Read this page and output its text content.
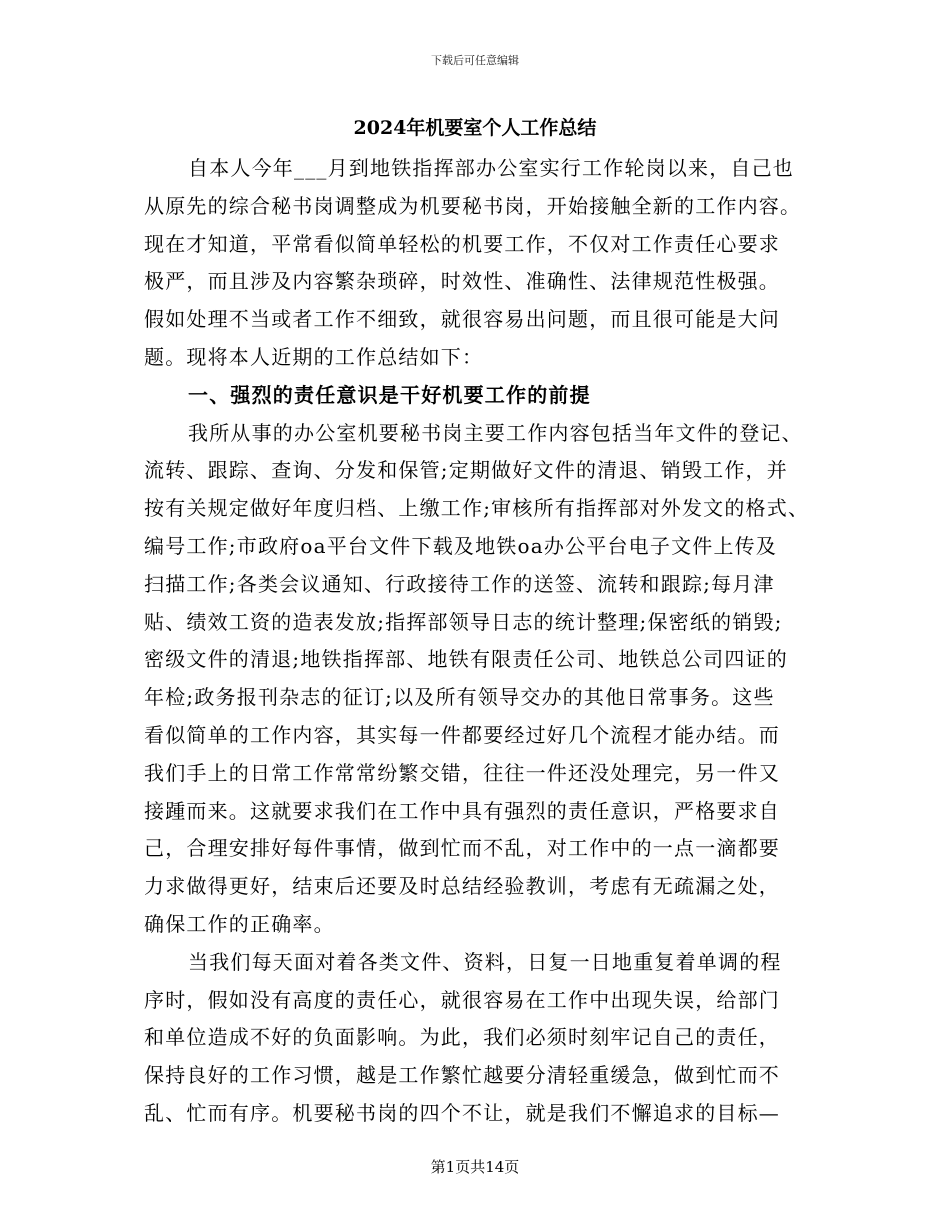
下载后可任意编辑
2024年机要室个人工作总结
自本人今年___月到地铁指挥部办公室实行工作轮岗以来，自己也
从原先的综合秘书岗调整成为机要秘书岗，开始接触全新的工作内容。
现在才知道，平常看似简单轻松的机要工作，不仅对工作责任心要求
极严，而且涉及内容繁杂琐碎，时效性、准确性、法律规范性极强。
假如处理不当或者工作不细致，就很容易出问题，而且很可能是大问
题。现将本人近期的工作总结如下：
一、强烈的责任意识是干好机要工作的前提
我所从事的办公室机要秘书岗主要工作内容包括当年文件的登记、
流转、跟踪、查询、分发和保管;定期做好文件的清退、销毁工作，并
按有关规定做好年度归档、上缴工作;审核所有指挥部对外发文的格式、
编号工作;市政府oa平台文件下载及地铁oa办公平台电子文件上传及
扫描工作;各类会议通知、行政接待工作的送签、流转和跟踪;每月津
贴、绩效工资的造表发放;指挥部领导日志的统计整理;保密纸的销毁;
密级文件的清退;地铁指挥部、地铁有限责任公司、地铁总公司四证的
年检;政务报刊杂志的征订;以及所有领导交办的其他日常事务。这些
看似简单的工作内容，其实每一件都要经过好几个流程才能办结。而
我们手上的日常工作常常纷繁交错，往往一件还没处理完，另一件又
接踵而来。这就要求我们在工作中具有强烈的责任意识，严格要求自
己，合理安排好每件事情，做到忙而不乱，对工作中的一点一滴都要
力求做得更好，结束后还要及时总结经验教训，考虑有无疏漏之处，
确保工作的正确率。
当我们每天面对着各类文件、资料，日复一日地重复着单调的程
序时，假如没有高度的责任心，就很容易在工作中出现失误，给部门
和单位造成不好的负面影响。为此，我们必须时刻牢记自己的责任，
保持良好的工作习惯，越是工作繁忙越要分清轻重缓急，做到忙而不
乱、忙而有序。机要秘书岗的四个不让，就是我们不懈追求的目标—
第1页共14页
